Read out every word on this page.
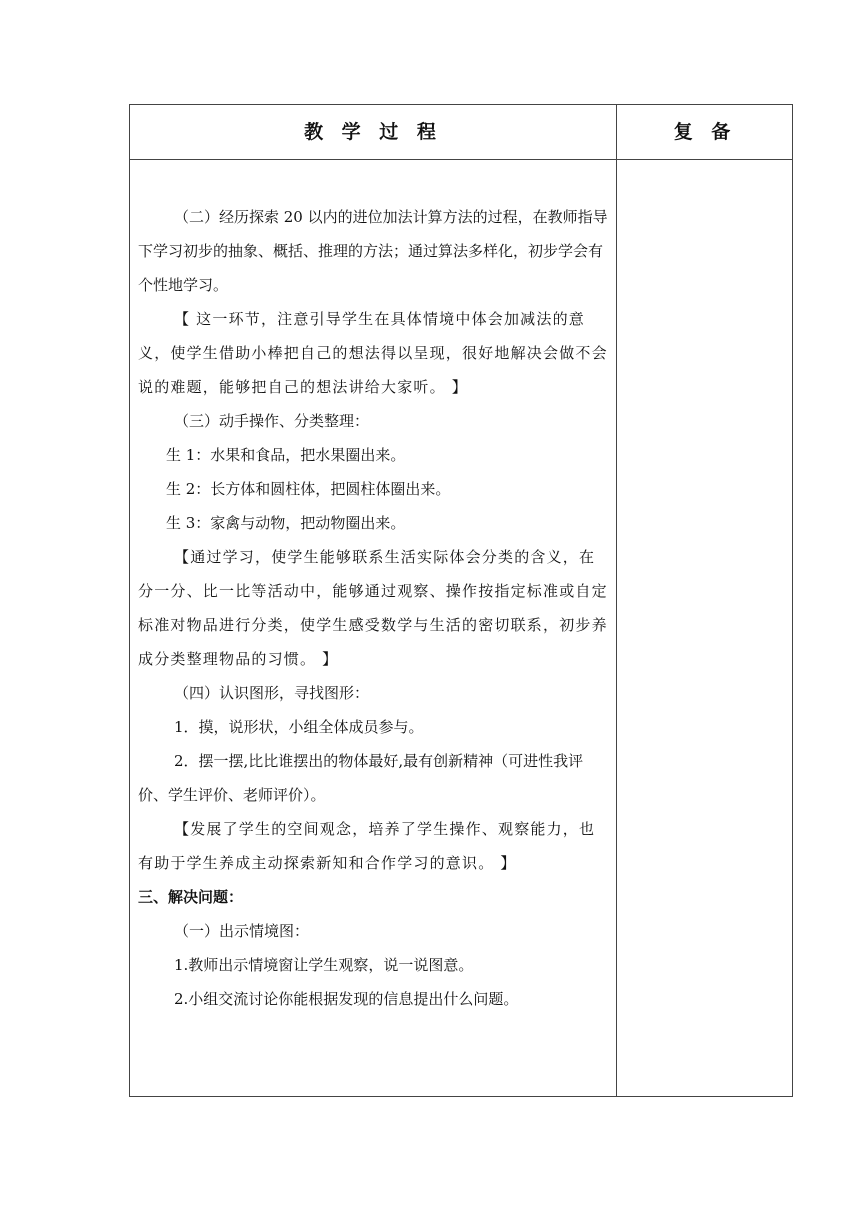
教 学 过 程	复 备

（二）经历探索 20 以内的进位加法计算方法的过程，在教师指导下学习初步的抽象、概括、推理的方法；通过算法多样化，初步学会有个性地学习。

【 这一环节，注意引导学生在具体情境中体会加减法的意义，使学生借助小棒把自己的想法得以呈现，很好地解决会做不会说的难题，能够把自己的想法讲给大家听。 】

（三）动手操作、分类整理：

生 1：水果和食品，把水果圈出来。

生 2：长方体和圆柱体，把圆柱体圈出来。

生 3：家禽与动物，把动物圈出来。

【通过学习，使学生能够联系生活实际体会分类的含义，在分一分、比一比等活动中，能够通过观察、操作按指定标准或自定标准对物品进行分类，使学生感受数学与生活的密切联系，初步养成分类整理物品的习惯。 】

（四）认识图形，寻找图形：

1．摸，说形状，小组全体成员参与。

2．摆一摆,比比谁摆出的物体最好,最有创新精神（可进性我评价、学生评价、老师评价）。

【发展了学生的空间观念，培养了学生操作、观察能力，也有助于学生养成主动探索新知和合作学习的意识。 】

三、解决问题：

（一）出示情境图：

1.教师出示情境窗让学生观察，说一说图意。

2.小组交流讨论你能根据发现的信息提出什么问题。
